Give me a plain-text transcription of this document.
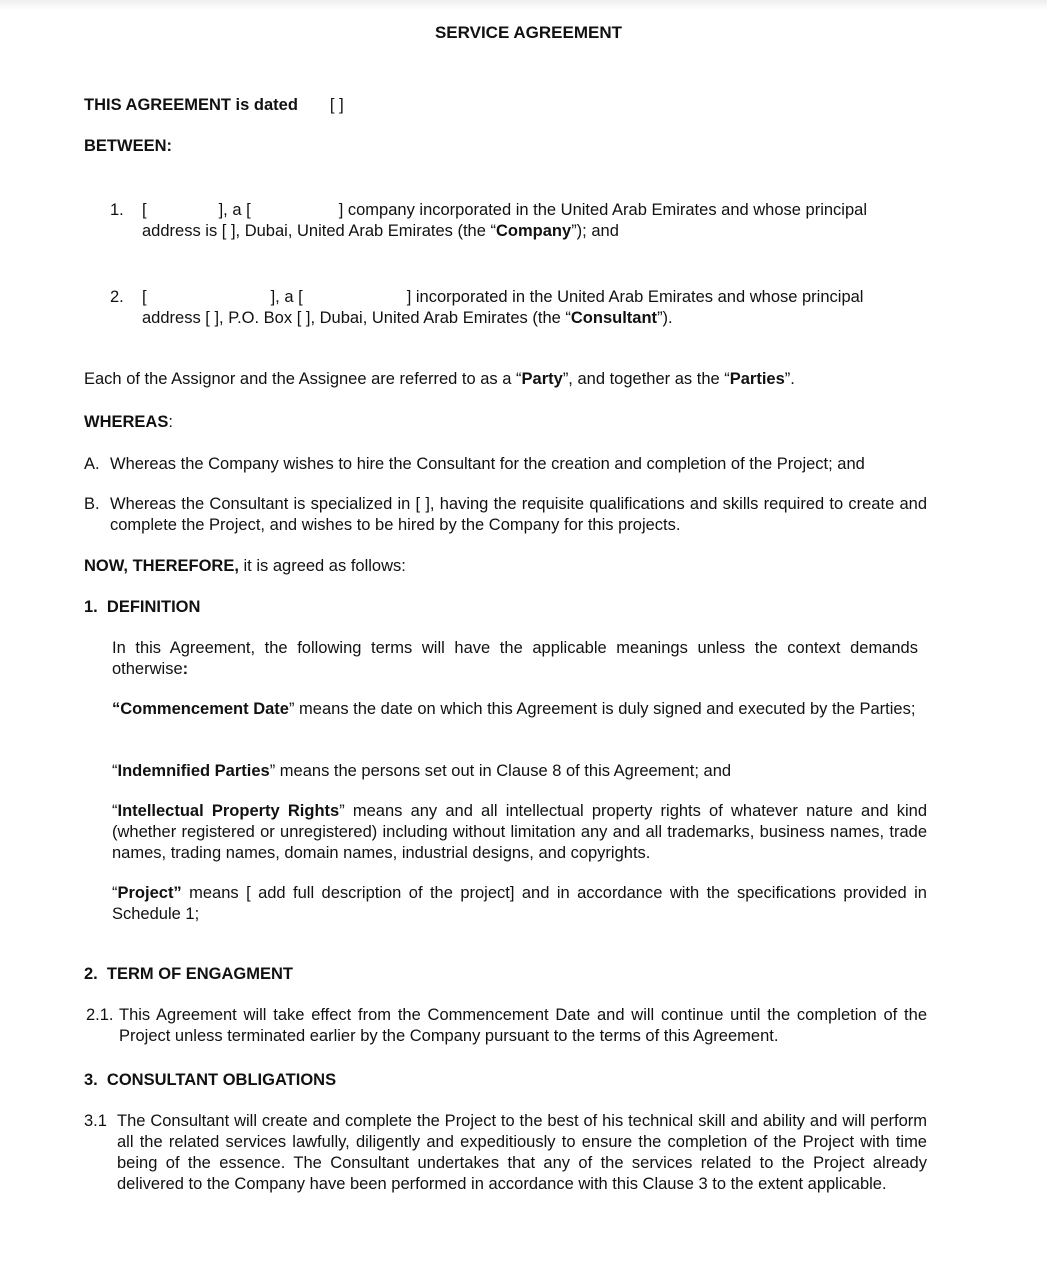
SERVICE AGREEMENT
THIS AGREEMENT is dated [ ]
BETWEEN:
1. [	], a [	] company incorporated in the United Arab Emirates and whose principal
address is [ ], Dubai, United Arab Emirates (the “Company”); and
2. [	], a [	] incorporated in the United Arab Emirates and whose principal
address [ ], P.O. Box [ ], Dubai, United Arab Emirates (the “Consultant”).
Each of the Assignor and the Assignee are referred to as a “Party”, and together as the “Parties”.
WHEREAS:
A. Whereas the Company wishes to hire the Consultant for the creation and completion of the Project; and
B. Whereas the Consultant is specialized in [ ], having the requisite qualifications and skills required to create and complete the Project, and wishes to be hired by the Company for this projects.
NOW, THEREFORE, it is agreed as follows:
1.  DEFINITION
In this Agreement, the following terms will have the applicable meanings unless the context demands otherwise:
“Commencement Date” means the date on which this Agreement is duly signed and executed by the Parties;
“Indemnified Parties” means the persons set out in Clause 8 of this Agreement; and
“Intellectual Property Rights” means any and all intellectual property rights of whatever nature and kind (whether registered or unregistered) including without limitation any and all trademarks, business names, trade names, trading names, domain names, industrial designs, and copyrights.
“Project” means [ add full description of the project] and in accordance with the specifications provided in Schedule 1;
2.  TERM OF ENGAGMENT
2.1. This Agreement will take effect from the Commencement Date and will continue until the completion of the Project unless terminated earlier by the Company pursuant to the terms of this Agreement.
3.  CONSULTANT OBLIGATIONS
3.1 The Consultant will create and complete the Project to the best of his technical skill and ability and will perform all the related services lawfully, diligently and expeditiously to ensure the completion of the Project with time being of the essence. The Consultant undertakes that any of the services related to the Project already delivered to the Company have been performed in accordance with this Clause 3 to the extent applicable.
